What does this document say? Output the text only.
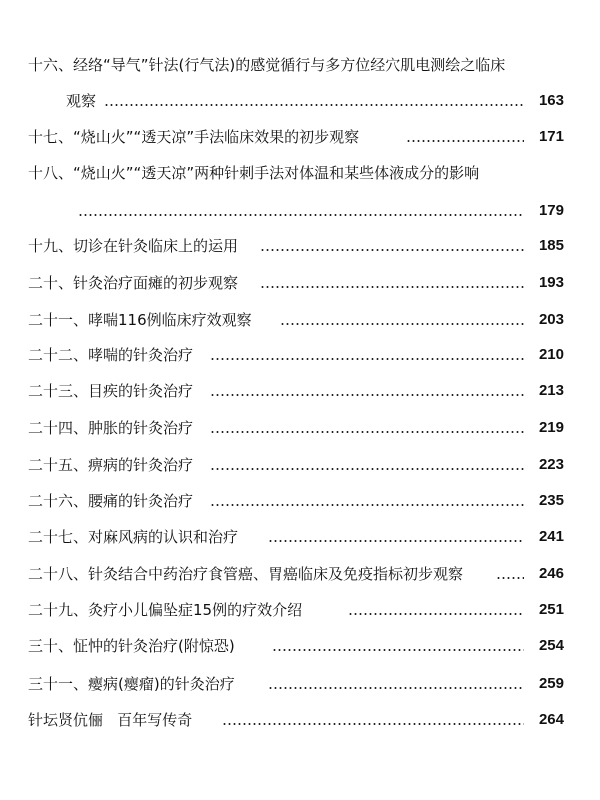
十六、经络“导气”针法(行气法)的感觉循行与多方位经穴肌电测绘之临床
观察	163
十七、“烧山火”“透天凉”手法临床效果的初步观察	171
十八、“烧山火”“透天凉”两种针刺手法对体温和某些体液成分的影响
179
十九、切诊在针灸临床上的运用	185
二十、针灸治疗面瘫的初步观察	193
二十一、哮喘116例临床疗效观察	203
二十二、哮喘的针灸治疗	210
二十三、目疾的针灸治疗	213
二十四、肿胀的针灸治疗	219
二十五、痹病的针灸治疗	223
二十六、腰痛的针灸治疗	235
二十七、对麻风病的认识和治疗	241
二十八、针灸结合中药治疗食管癌、胃癌临床及免疫指标初步观察	246
二十九、灸疗小儿偏坠症15例的疗效介绍	251
三十、怔忡的针灸治疗(附惊恐)	254
三十一、瘿病(瘿瘤)的针灸治疗	259
针坛贤伉俪   百年写传奇	264
